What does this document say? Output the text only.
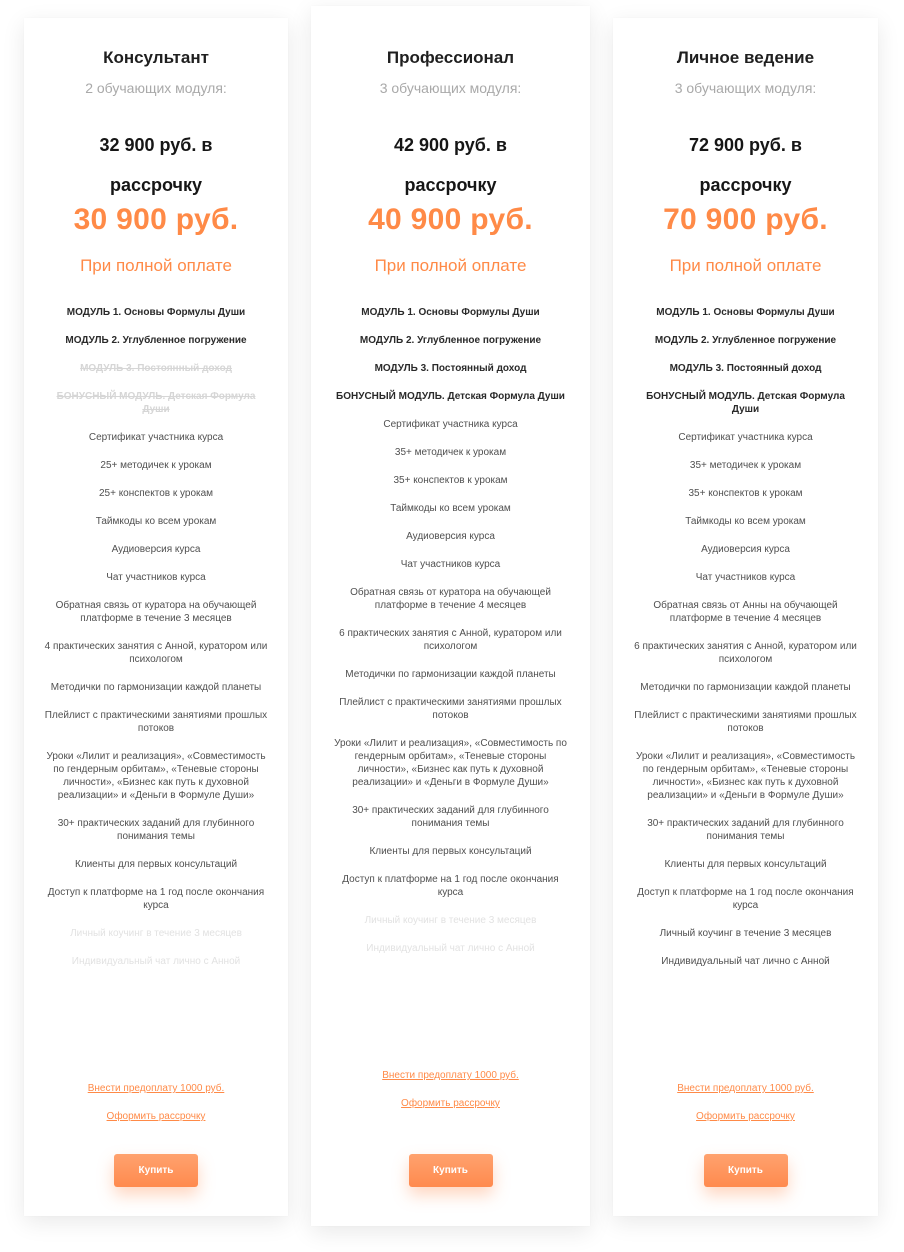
Консультант
2 обучающих модуля:
32 900 руб. в
рассрочку
30 900 руб.
При полной оплате
МОДУЛЬ 1. Основы Формулы Души
МОДУЛЬ 2. Углубленное погружение
МОДУЛЬ 3. Постоянный доход
БОНУСНЫЙ МОДУЛЬ. Детская Формула Души
Сертификат участника курса
25+ методичек к урокам
25+ конспектов к урокам
Таймкоды ко всем урокам
Аудиоверсия курса
Чат участников курса
Обратная связь от куратора на обучающей платформе в течение 3 месяцев
4 практических занятия с Анной, куратором или психологом
Методички по гармонизации каждой планеты
Плейлист с практическими занятиями прошлых потоков
Уроки «Лилит и реализация», «Совместимость по гендерным орбитам», «Теневые стороны личности», «Бизнес как путь к духовной реализации» и «Деньги в Формуле Души»
30+ практических заданий для глубинного понимания темы
Клиенты для первых консультаций
Доступ к платформе на 1 год после окончания курса
Личный коучинг в течение 3 месяцев
Индивидуальный чат лично с Анной
Внести предоплату 1000 руб.
Оформить рассрочку
Купить
Профессионал
3 обучающих модуля:
42 900 руб. в
рассрочку
40 900 руб.
При полной оплате
МОДУЛЬ 1. Основы Формулы Души
МОДУЛЬ 2. Углубленное погружение
МОДУЛЬ 3. Постоянный доход
БОНУСНЫЙ МОДУЛЬ. Детская Формула Души
Сертификат участника курса
35+ методичек к урокам
35+ конспектов к урокам
Таймкоды ко всем урокам
Аудиоверсия курса
Чат участников курса
Обратная связь от куратора на обучающей платформе в течение 4 месяцев
6 практических занятия с Анной, куратором или психологом
Методички по гармонизации каждой планеты
Плейлист с практическими занятиями прошлых потоков
Уроки «Лилит и реализация», «Совместимость по гендерным орбитам», «Теневые стороны личности», «Бизнес как путь к духовной реализации» и «Деньги в Формуле Души»
30+ практических заданий для глубинного понимания темы
Клиенты для первых консультаций
Доступ к платформе на 1 год после окончания курса
Личный коучинг в течение 3 месяцев
Индивидуальный чат лично с Анной
Внести предоплату 1000 руб.
Оформить рассрочку
Купить
Личное ведение
3 обучающих модуля:
72 900 руб. в
рассрочку
70 900 руб.
При полной оплате
МОДУЛЬ 1. Основы Формулы Души
МОДУЛЬ 2. Углубленное погружение
МОДУЛЬ 3. Постоянный доход
БОНУСНЫЙ МОДУЛЬ. Детская Формула Души
Сертификат участника курса
35+ методичек к урокам
35+ конспектов к урокам
Таймкоды ко всем урокам
Аудиоверсия курса
Чат участников курса
Обратная связь от Анны на обучающей платформе в течение 4 месяцев
6 практических занятия с Анной, куратором или психологом
Методички по гармонизации каждой планеты
Плейлист с практическими занятиями прошлых потоков
Уроки «Лилит и реализация», «Совместимость по гендерным орбитам», «Теневые стороны личности», «Бизнес как путь к духовной реализации» и «Деньги в Формуле Души»
30+ практических заданий для глубинного понимания темы
Клиенты для первых консультаций
Доступ к платформе на 1 год после окончания курса
Личный коучинг в течение 3 месяцев
Индивидуальный чат лично с Анной
Внести предоплату 1000 руб.
Оформить рассрочку
Купить
